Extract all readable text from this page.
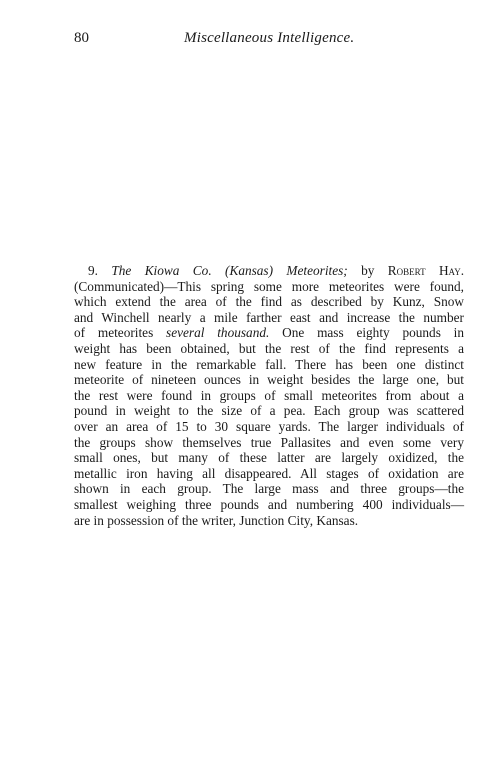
80	Miscellaneous Intelligence.
9. The Kiowa Co. (Kansas) Meteorites; by Robert Hay.
(Communicated)—This spring some more meteorites were found,
which extend the area of the find as described by Kunz, Snow
and Winchell nearly a mile farther east and increase the number
of meteorites several thousand. One mass eighty pounds in
weight has been obtained, but the rest of the find represents a
new feature in the remarkable fall. There has been one distinct
meteorite of nineteen ounces in weight besides the large one, but
the rest were found in groups of small meteorites from about a
pound in weight to the size of a pea. Each group was scattered
over an area of 15 to 30 square yards. The larger individuals of
the groups show themselves true Pallasites and even some very
small ones, but many of these latter are largely oxidized, the
metallic iron having all disappeared. All stages of oxidation are
shown in each group. The large mass and three groups—the
smallest weighing three pounds and numbering 400 individuals—
are in possession of the writer, Junction City, Kansas.
